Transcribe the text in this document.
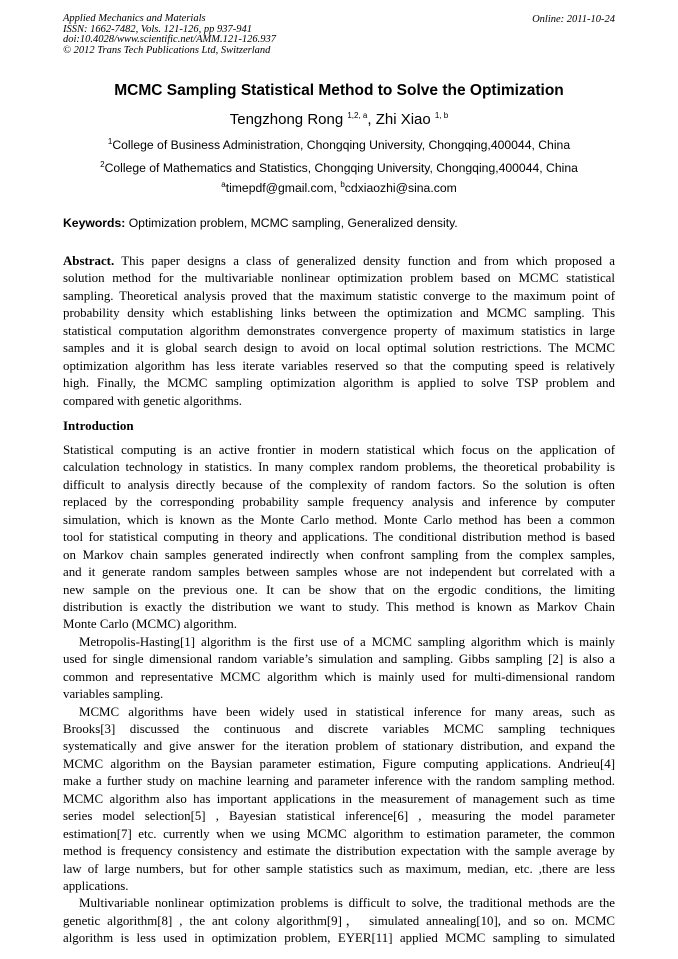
Applied Mechanics and Materials
ISSN: 1662-7482, Vols. 121-126, pp 937-941
doi:10.4028/www.scientific.net/AMM.121-126.937
© 2012 Trans Tech Publications Ltd, Switzerland
Online: 2011-10-24
MCMC Sampling Statistical Method to Solve the Optimization
Tengzhong Rong $^{1,2, a}$, Zhi Xiao $^{1, b}$
$^1$College of Business Administration, Chongqing University, Chongqing,400044, China
$^2$College of Mathematics and Statistics, Chongqing University, Chongqing,400044, China
$^a$timepdf@gmail.com, $^b$cdxiaozhi@sina.com
Keywords: Optimization problem, MCMC sampling, Generalized density.
Abstract. This paper designs a class of generalized density function and from which proposed a
solution method for the multivariable nonlinear optimization problem based on MCMC statistical
sampling. Theoretical analysis proved that the maximum statistic converge to the maximum point of
probability density which establishing links between the optimization and MCMC sampling. This
statistical computation algorithm demonstrates convergence property of maximum statistics in large
samples and it is global search design to avoid on local optimal solution restrictions. The MCMC
optimization algorithm has less iterate variables reserved so that the computing speed is relatively
high. Finally, the MCMC sampling optimization algorithm is applied to solve TSP problem and
compared with genetic algorithms.
Introduction
Statistical computing is an active frontier in modern statistical which focus on the application of
calculation technology in statistics. In many complex random problems, the theoretical probability is
difficult to analysis directly because of the complexity of random factors. So the solution is often
replaced by the corresponding probability sample frequency analysis and inference by computer
simulation, which is known as the Monte Carlo method. Monte Carlo method has been a common
tool for statistical computing in theory and applications. The conditional distribution method is based
on Markov chain samples generated indirectly when confront sampling from the complex samples,
and it generate random samples between samples whose are not independent but correlated with a
new sample on the previous one. It can be show that on the ergodic conditions, the limiting
distribution is exactly the distribution we want to study. This method is known as Markov Chain
Monte Carlo (MCMC) algorithm.
Metropolis-Hasting[1] algorithm is the first use of a MCMC sampling algorithm which is mainly
used for single dimensional random variable’s simulation and sampling. Gibbs sampling [2] is also a
common and representative MCMC algorithm which is mainly used for multi-dimensional random
variables sampling.
MCMC algorithms have been widely used in statistical inference for many areas, such as
Brooks[3] discussed the continuous and discrete variables MCMC sampling techniques
systematically and give answer for the iteration problem of stationary distribution, and expand the
MCMC algorithm on the Baysian parameter estimation, Figure computing applications. Andrieu[4]
make a further study on machine learning and parameter inference with the random sampling method.
MCMC algorithm also has important applications in the measurement of management such as time
series model selection[5] , Bayesian statistical inference[6] , measuring the model parameter
estimation[7] etc. currently when we using MCMC algorithm to estimation parameter, the common
method is frequency consistency and estimate the distribution expectation with the sample average by
law of large numbers, but for other sample statistics such as maximum, median, etc. ,there are less
applications.
Multivariable nonlinear optimization problems is difficult to solve, the traditional methods are the
genetic algorithm[8] , the ant colony algorithm[9]， simulated annealing[10], and so on. MCMC
algorithm is less used in optimization problem, EYER[11] applied MCMC sampling to simulated
